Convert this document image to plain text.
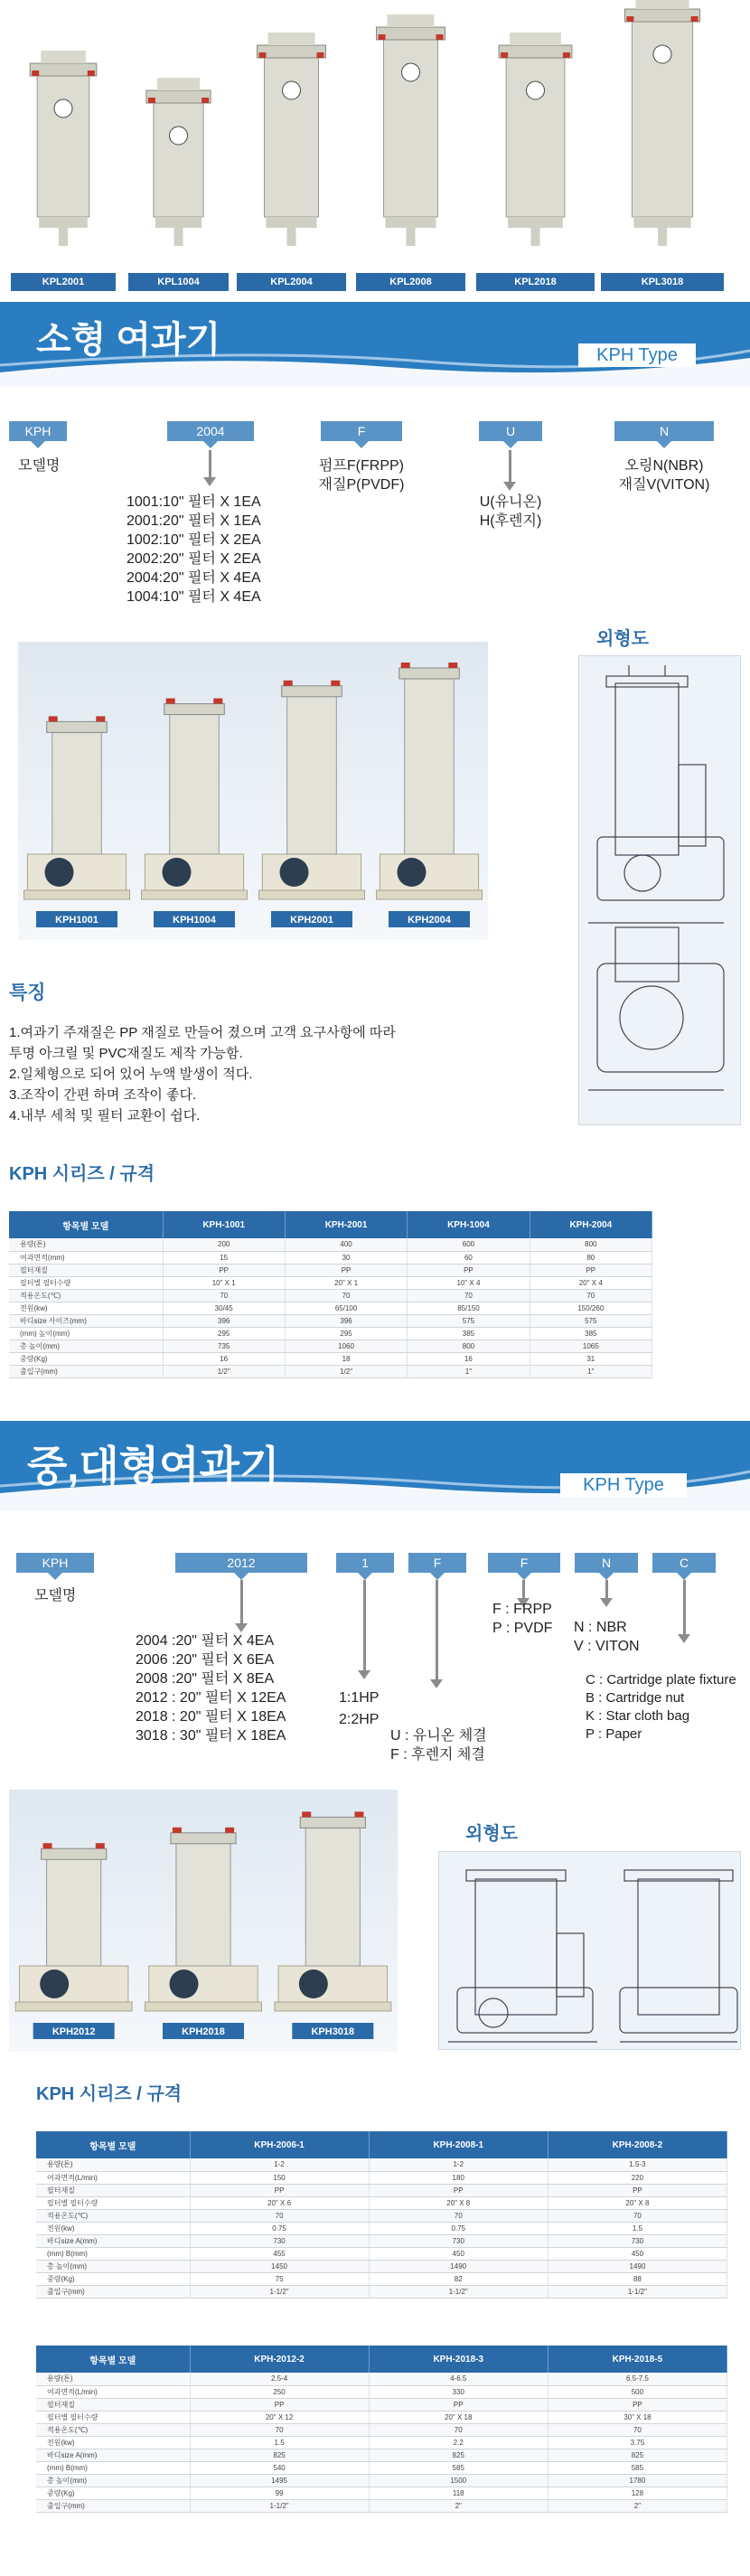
KPL2001	KPL1004	KPL2004	KPL2008	KPL2018	KPL3018
소형 여과기	KPH Type
KPH	2004	F	U	N
모델명
1001:10" 필터 X 1EA
2001:20" 필터 X 1EA
1002:10" 필터 X 2EA
2002:20" 필터 X 2EA
2004:20" 필터 X 4EA
1004:10" 필터 X 4EA
펌프F(FRPP)
재질P(PVDF)
U(유니온)
H(후렌지)
오링N(NBR)
재질V(VITON)
KPH1001	KPH1004	KPH2001	KPH2004
외형도
특징
1.여과기 주재질은 PP 재질로 만들어 졌으며 고객 요구사항에 따라
투명 아크릴 및 PVC재질도 제작 가능함.
2.일체형으로 되어 있어 누액 발생이 적다.
3.조작이 간편 하며 조작이 좋다.
4.내부 세척 및 필터 교환이 쉽다.
KPH 시리즈 / 규격
항목별 모델	KPH-1001	KPH-2001	KPH-1004	KPH-2004
용량(톤)	200	400	600	800
여과면적(mm)	15	30	60	80
필터재질	PP	PP	PP	PP
필터별 필터수량	10" X 1	20" X 1	10" X 4	20" X 4
적용온도(℃)	70	70	70	70
전원(kw)	30/45	65/100	85/150	150/260
바디size 사이즈(mm)	396	396	575	575
(mm) 높이(mm)	295	295	385	385
총 높이(mm)	735	1060	800	1065
중량(Kg)	16	18	16	31
출입구(mm)	1/2"	1/2"	1"	1"
중,대형여과기	KPH Type
KPH	2012	1	F	F	N	C
모델명
2004 :20" 필터 X 4EA
2006 :20" 필터 X 6EA
2008 :20" 필터 X 8EA
2012 : 20" 필터 X 12EA
2018 : 20" 필터 X 18EA
3018 : 30" 필터 X 18EA
1:1HP
2:2HP
U : 유니온 체결
F : 후렌지 체결
F : FRPP
P : PVDF N : NBR
V : VITON
C : Cartridge plate fixture
B : Cartridge nut
K : Star cloth bag
P : Paper
KPH2012	KPH2018	KPH3018
외형도
KPH 시리즈 / 규격
항목별 모델	KPH-2006-1	KPH-2008-1	KPH-2008-2
용량(톤)	1-2	1-2	1.5-3
여과면적(L/min)	150	180	220
필터재질	PP	PP	PP
필터별 필터수량	20" X 6	20" X 8	20" X 8
적용온도(℃)	70	70	70
전원(kw)	0.75	0.75	1.5
바디size A(mm)	730	730	730
(mm) B(mm)	455	450	450
총 높이(mm)	1450	1490	1490
중량(Kg)	75	82	88
출입구(mm)	1-1/2"	1-1/2"	1-1/2"
항목별 모델	KPH-2012-2	KPH-2018-3	KPH-2018-5
용량(톤)	2.5-4	4-6.5	6.5-7.5
여과면적(L/min)	250	330	500
필터재질	PP	PP	PP
필터별 필터수량	20" X 12	20" X 18	30" X 18
적용온도(℃)	70	70	70
전원(kw)	1.5	2.2	3.75
바디size A(mm)	825	825	825
(mm) B(mm)	540	585	585
총 높이(mm)	1495	1500	1780
중량(Kg)	99	118	128
출입구(mm)	1-1/2"	2"	2"
